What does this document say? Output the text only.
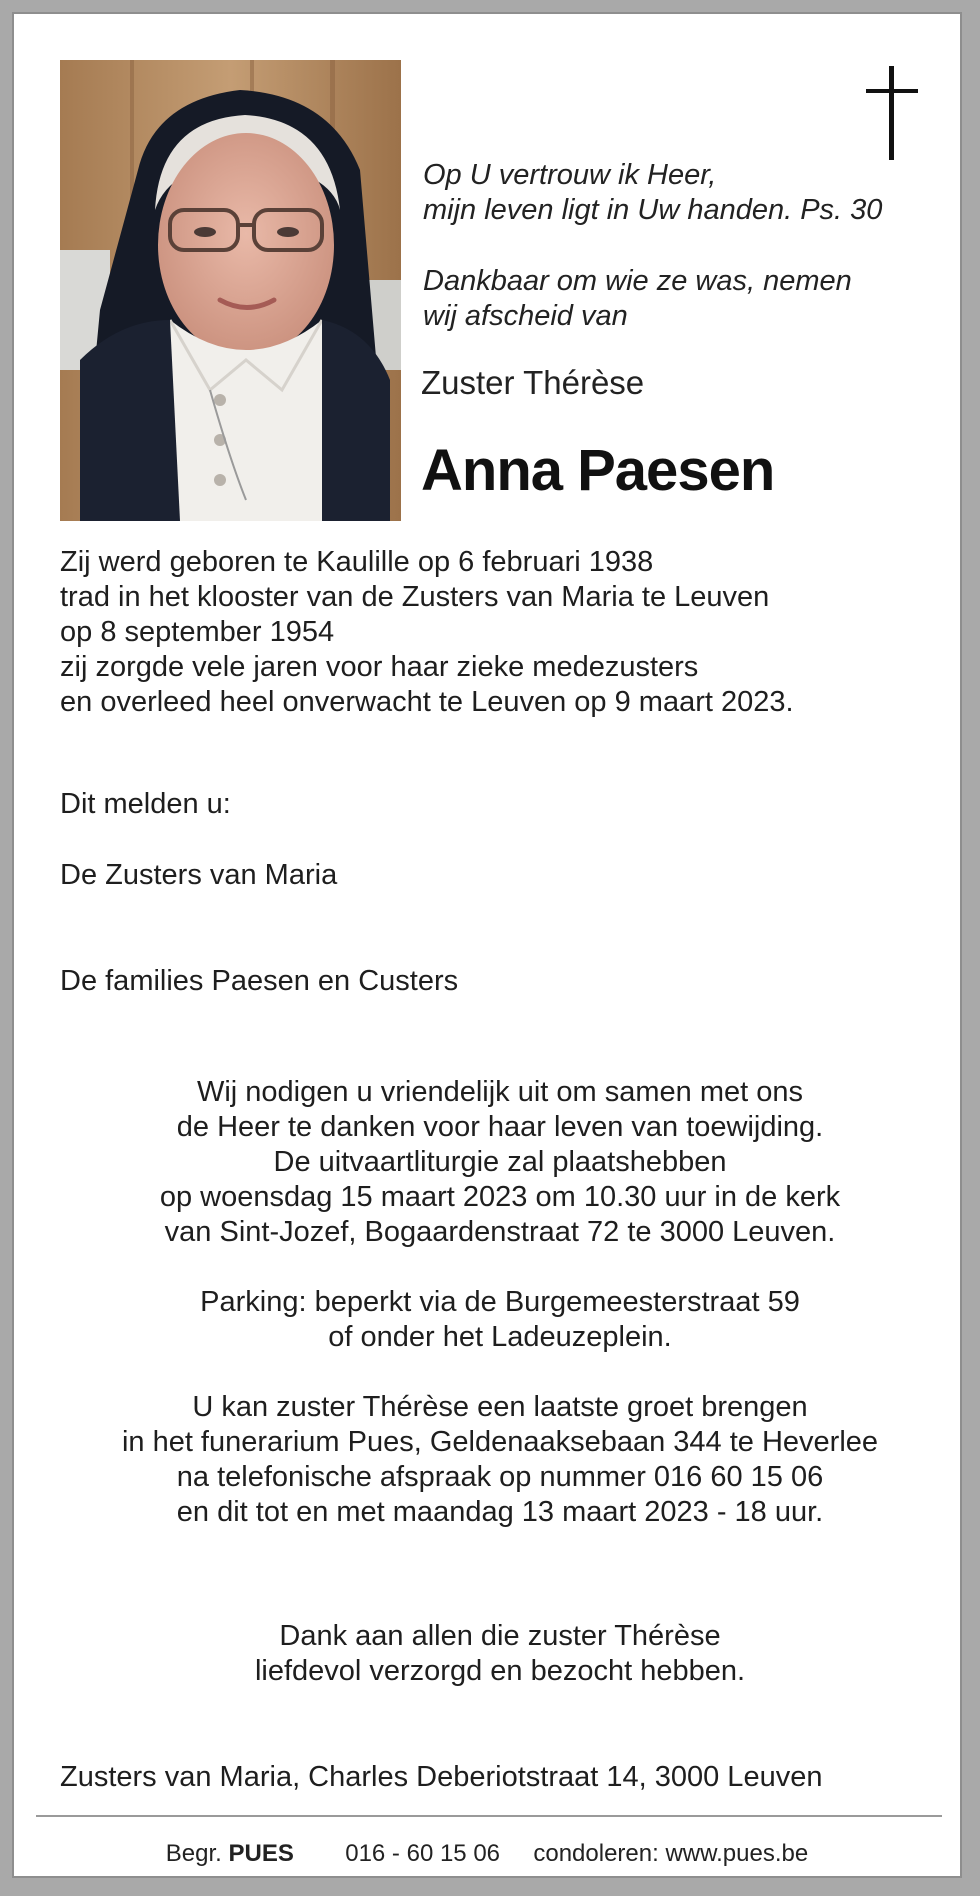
Op U vertrouw ik Heer,
mijn leven ligt in Uw handen. Ps. 30
Dankbaar om wie ze was, nemen
wij afscheid van
Zuster Thérèse
Anna Paesen
Zij werd geboren te Kaulille op 6 februari 1938
trad in het klooster van de Zusters van Maria te Leuven
op 8 september 1954
zij zorgde vele jaren voor haar zieke medezusters
en overleed heel onverwacht te Leuven op 9 maart 2023.
Dit melden u:
De Zusters van Maria
De families Paesen en Custers
Wij nodigen u vriendelijk uit om samen met ons
de Heer te danken voor haar leven van toewijding.
De uitvaartliturgie zal plaatshebben
op woensdag 15 maart 2023 om 10.30 uur in de kerk
van Sint-Jozef, Bogaardenstraat 72 te 3000 Leuven.
Parking: beperkt via de Burgemeesterstraat 59
of onder het Ladeuzeplein.
U kan zuster Thérèse een laatste groet brengen
in het funerarium Pues, Geldenaaksebaan 344 te Heverlee
na telefonische afspraak op nummer 016 60 15 06
en dit tot en met maandag 13 maart 2023 - 18 uur.
Dank aan allen die zuster Thérèse
liefdevol verzorgd en bezocht hebben.
Zusters van Maria, Charles Deberiotstraat 14, 3000 Leuven
Begr. PUES 016 - 60 15 06 condoleren: www.pues.be
